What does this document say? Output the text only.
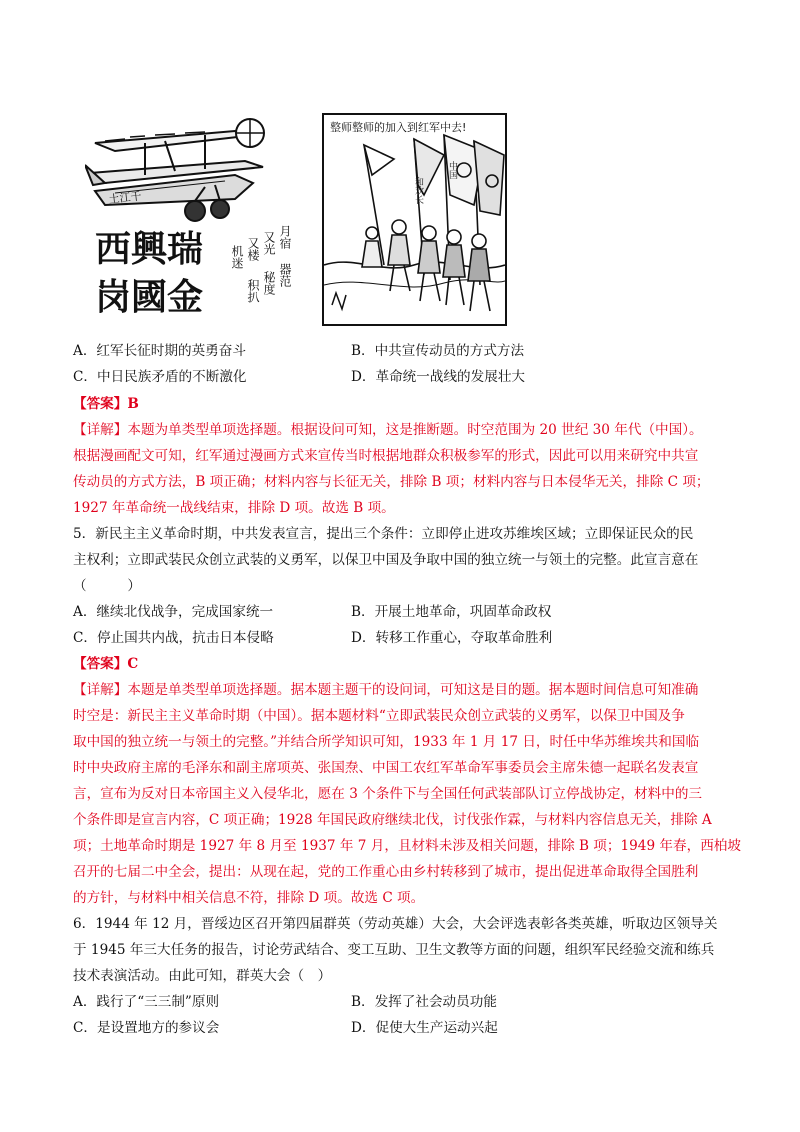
土江千
西興瑞
岗國金
月宿
又光
又楼
机迷
器范
秘度
积扒
整师整师的加入到红军中去!
和欢长
中国
A．红军长征时期的英勇奋斗	B．中共宣传动员的方式方法
C．中日民族矛盾的不断激化	D．革命统一战线的发展壮大
【答案】B
【详解】本题为单类型单项选择题。根据设问可知，这是推断题。时空范围为 20 世纪 30 年代（中国）。
根据漫画配文可知，红军通过漫画方式来宣传当时根据地群众积极参军的形式，因此可以用来研究中共宣
传动员的方式方法，B 项正确；材料内容与长征无关，排除 B 项；材料内容与日本侵华无关，排除 C 项；
1927 年革命统一战线结束，排除 D 项。故选 B 项。
5．新民主主义革命时期，中共发表宣言，提出三个条件：立即停止进攻苏维埃区域；立即保证民众的民
主权利；立即武装民众创立武装的义勇军，以保卫中国及争取中国的独立统一与领土的完整。此宣言意在
（　　　）
A．继续北伐战争，完成国家统一	B．开展土地革命，巩固革命政权
C．停止国共内战，抗击日本侵略	D．转移工作重心，夺取革命胜利
【答案】C
【详解】本题是单类型单项选择题。据本题主题干的设问词，可知这是目的题。据本题时间信息可知准确
时空是：新民主主义革命时期（中国）。据本题材料“立即武装民众创立武装的义勇军，以保卫中国及争
取中国的独立统一与领土的完整。”并结合所学知识可知，1933 年 1 月 17 日，时任中华苏维埃共和国临
时中央政府主席的毛泽东和副主席项英、张国焘、中国工农红军革命军事委员会主席朱德一起联名发表宣
言，宣布为反对日本帝国主义入侵华北，愿在 3 个条件下与全国任何武装部队订立停战协定，材料中的三
个条件即是宣言内容，C 项正确；1928 年国民政府继续北伐，讨伐张作霖，与材料内容信息无关，排除 A
项；土地革命时期是 1927 年 8 月至 1937 年 7 月，且材料未涉及相关问题，排除 B 项；1949 年春，西柏坡
召开的七届二中全会，提出：从现在起，党的工作重心由乡村转移到了城市，提出促进革命取得全国胜利
的方针，与材料中相关信息不符，排除 D 项。故选 C 项。
6．1944 年 12 月，晋绥边区召开第四届群英（劳动英雄）大会，大会评选表彰各类英雄，听取边区领导关
于 1945 年三大任务的报告，讨论劳武结合、变工互助、卫生文教等方面的问题，组织军民经验交流和练兵
技术表演活动。由此可知，群英大会（　）
A．践行了“三三制”原则	B．发挥了社会动员功能
C．是设置地方的参议会	D．促使大生产运动兴起
